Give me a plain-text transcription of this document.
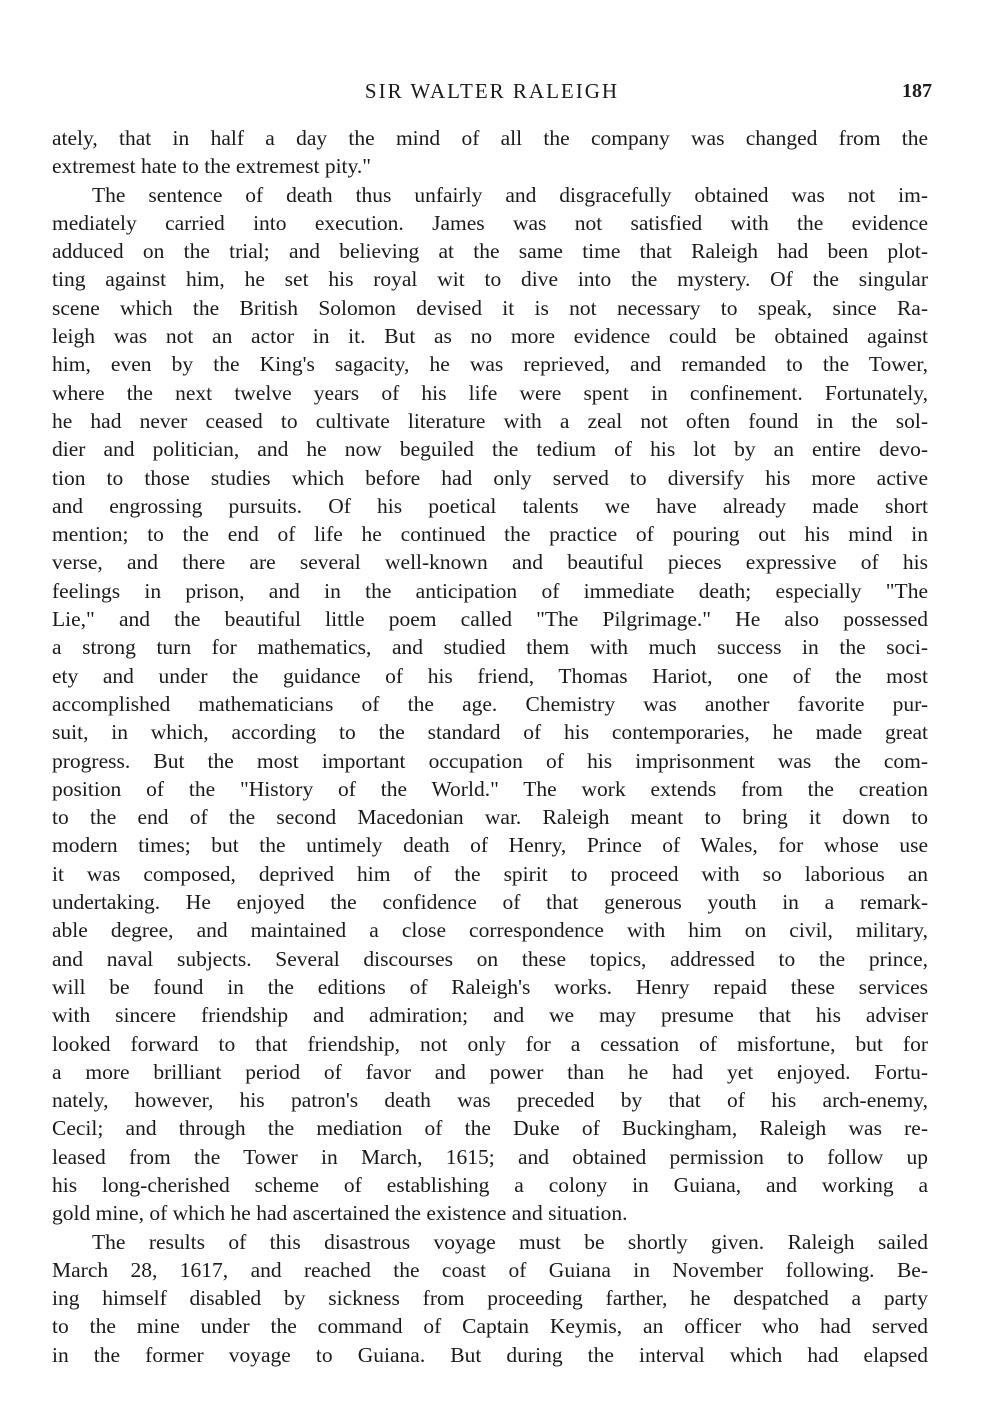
SIR WALTER RALEIGH	187
ately, that in half a day the mind of all the company was changed from the
extremest hate to the extremest pity."
The sentence of death thus unfairly and disgracefully obtained was not im-
mediately carried into execution. James was not satisfied with the evidence
adduced on the trial; and believing at the same time that Raleigh had been plot-
ting against him, he set his royal wit to dive into the mystery. Of the singular
scene which the British Solomon devised it is not necessary to speak, since Ra-
leigh was not an actor in it. But as no more evidence could be obtained against
him, even by the King's sagacity, he was reprieved, and remanded to the Tower,
where the next twelve years of his life were spent in confinement. Fortunately,
he had never ceased to cultivate literature with a zeal not often found in the sol-
dier and politician, and he now beguiled the tedium of his lot by an entire devo-
tion to those studies which before had only served to diversify his more active
and engrossing pursuits. Of his poetical talents we have already made short
mention; to the end of life he continued the practice of pouring out his mind in
verse, and there are several well-known and beautiful pieces expressive of his
feelings in prison, and in the anticipation of immediate death; especially "The
Lie," and the beautiful little poem called "The Pilgrimage." He also possessed
a strong turn for mathematics, and studied them with much success in the soci-
ety and under the guidance of his friend, Thomas Hariot, one of the most
accomplished mathematicians of the age. Chemistry was another favorite pur-
suit, in which, according to the standard of his contemporaries, he made great
progress. But the most important occupation of his imprisonment was the com-
position of the "History of the World." The work extends from the creation
to the end of the second Macedonian war. Raleigh meant to bring it down to
modern times; but the untimely death of Henry, Prince of Wales, for whose use
it was composed, deprived him of the spirit to proceed with so laborious an
undertaking. He enjoyed the confidence of that generous youth in a remark-
able degree, and maintained a close correspondence with him on civil, military,
and naval subjects. Several discourses on these topics, addressed to the prince,
will be found in the editions of Raleigh's works. Henry repaid these services
with sincere friendship and admiration; and we may presume that his adviser
looked forward to that friendship, not only for a cessation of misfortune, but for
a more brilliant period of favor and power than he had yet enjoyed. Fortu-
nately, however, his patron's death was preceded by that of his arch-enemy,
Cecil; and through the mediation of the Duke of Buckingham, Raleigh was re-
leased from the Tower in March, 1615; and obtained permission to follow up
his long-cherished scheme of establishing a colony in Guiana, and working a
gold mine, of which he had ascertained the existence and situation.
The results of this disastrous voyage must be shortly given. Raleigh sailed
March 28, 1617, and reached the coast of Guiana in November following. Be-
ing himself disabled by sickness from proceeding farther, he despatched a party
to the mine under the command of Captain Keymis, an officer who had served
in the former voyage to Guiana. But during the interval which had elapsed
